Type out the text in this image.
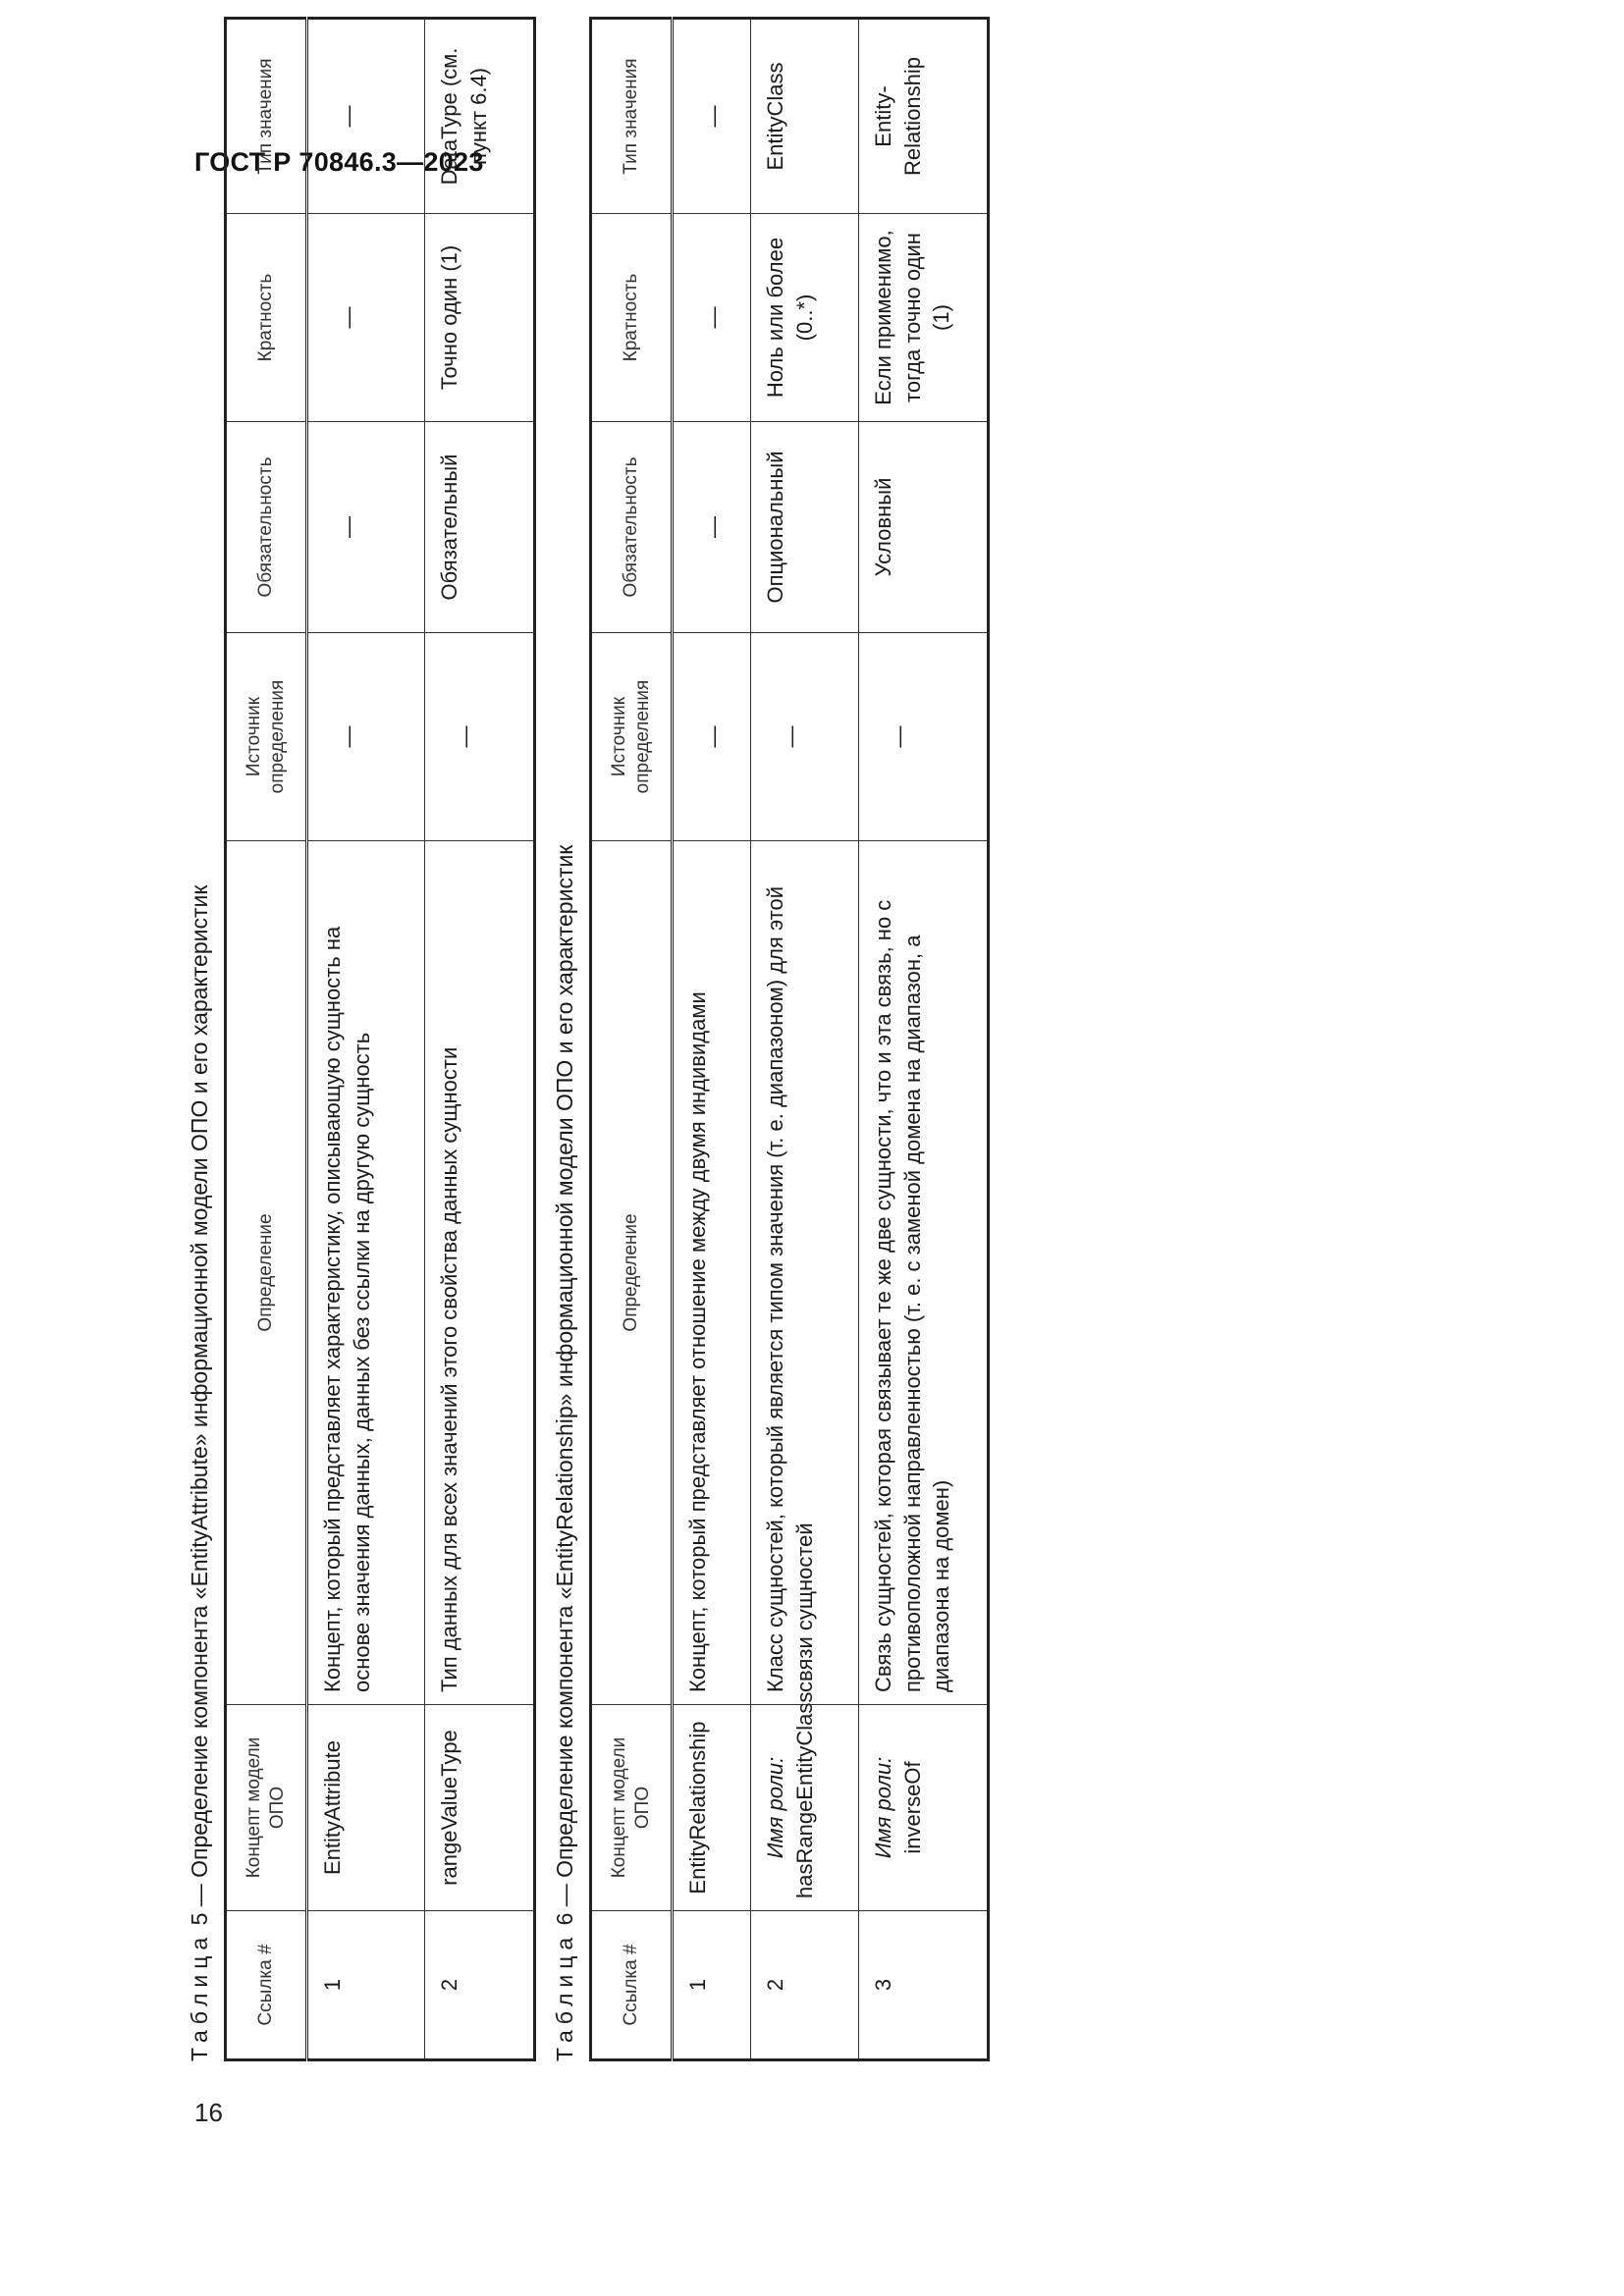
ГОСТ Р 70846.3—2023
Таблица 5 — Определение компонента «EntityAttribute» информационной модели ОПО и его характеристик
Ссылка #	Концепт модели ОПО	Определение	Источник определения	Обязательность	Кратность	Тип значения
1	EntityAttribute	Концепт, который представляет характеристику, описывающую сущность на основе значения данных, данных без ссылки на другую сущность	—	—	—	—
2	rangeValueType	Тип данных для всех значений этого свойства данных сущности	—	Обязательный	Точно один (1)	DataType (см. пункт 6.4)
Таблица 6 — Определение компонента «EntityRelationship» информационной модели ОПО и его характеристик
Ссылка #	Концепт модели ОПО	Определение	Источник определения	Обязательность	Кратность	Тип значения
1	EntityRelationship	Концепт, который представляет отношение между двумя индивидами	—	—	—	—
2	Имя роли: hasRangeEntityClass	Класс сущностей, который является типом значения (т. е. диапазоном) для этой связи сущностей	—	Опциональный	Ноль или более (0..*)	EntityClass
3	Имя роли: inverseOf	Связь сущностей, которая связывает те же две сущности, что и эта связь, но с противоположной направленностью (т. е. с заменой домена на диапазон, а диапазона на домен)	—	Условный	Если применимо, тогда точно один (1)	Entity-Relationship
16
